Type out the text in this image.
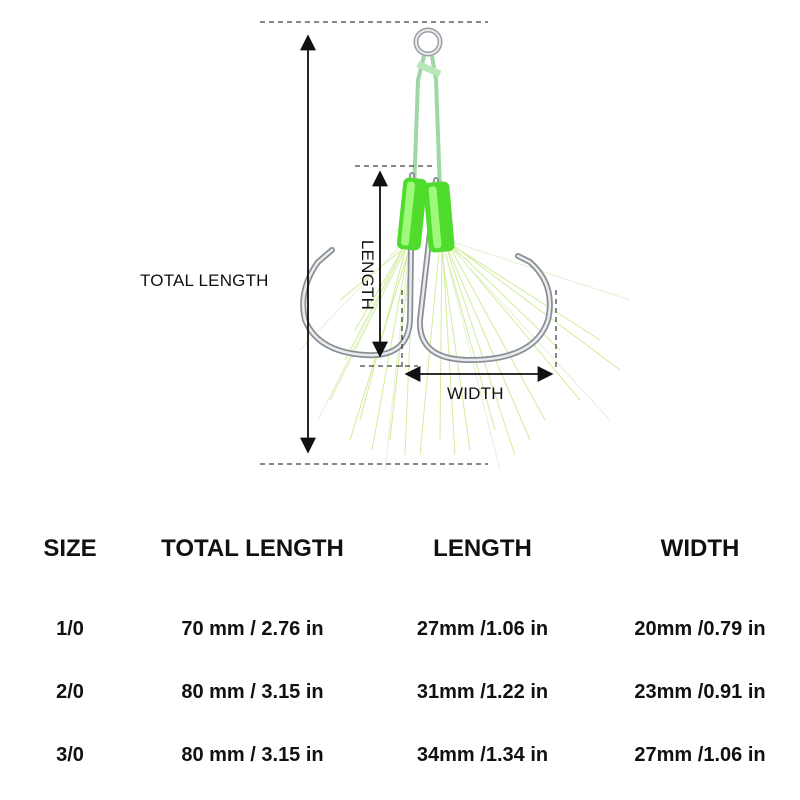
TOTAL LENGTH	LENGTH
WIDTH
SIZE	TOTAL LENGTH	LENGTH	WIDTH

1/0	70 mm / 2.76 in	27mm /1.06 in	20mm /0.79 in
2/0	80 mm / 3.15 in	31mm /1.22 in	23mm /0.91 in
3/0	80 mm / 3.15 in	34mm /1.34 in	27mm /1.06 in
